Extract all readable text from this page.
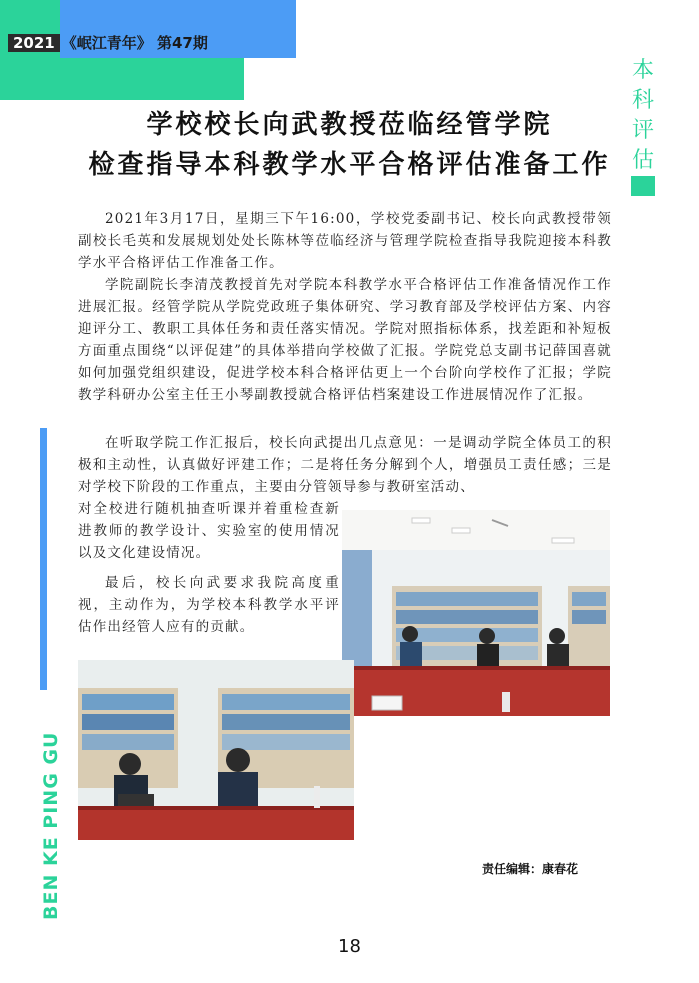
2021 《岷江青年》 第47期
本
科
评
估
BEN KE PING GU
学校校长向武教授莅临经管学院
检查指导本科教学水平合格评估准备工作

2021年3月17日，星期三下午16:00，学校党委副书记、校长向武教授带领副校长毛英和发展规划处处长陈林等莅临经济与管理学院检查指导我院迎接本科教学水平合格评估工作准备工作。

学院副院长李清茂教授首先对学院本科教学水平合格评估工作准备情况作工作进展汇报。经管学院从学院党政班子集体研究、学习教育部及学校评估方案、内容迎评分工、教职工具体任务和责任落实情况。学院对照指标体系，找差距和补短板方面重点围绕“以评促建”的具体举措向学校做了汇报。学院党总支副书记薛国喜就如何加强党组织建设，促进学校本科合格评估更上一个台阶向学校作了汇报；学院教学科研办公室主任王小琴副教授就合格评估档案建设工作进展情况作了汇报。

在听取学院工作汇报后，校长向武提出几点意见：一是调动学院全体员工的积极和主动性，认真做好评建工作；二是将任务分解到个人，增强员工责任感；三是对学校下阶段的工作重点，主要由分管领导参与教研室活动、

对全校进行随机抽查听课并着重检查新进教师的教学设计、实验室的使用情况以及文化建设情况。

最后，校长向武要求我院高度重视，主动作为，为学校本科教学水平评估作出经管人应有的贡献。

责任编辑：康春花
18
